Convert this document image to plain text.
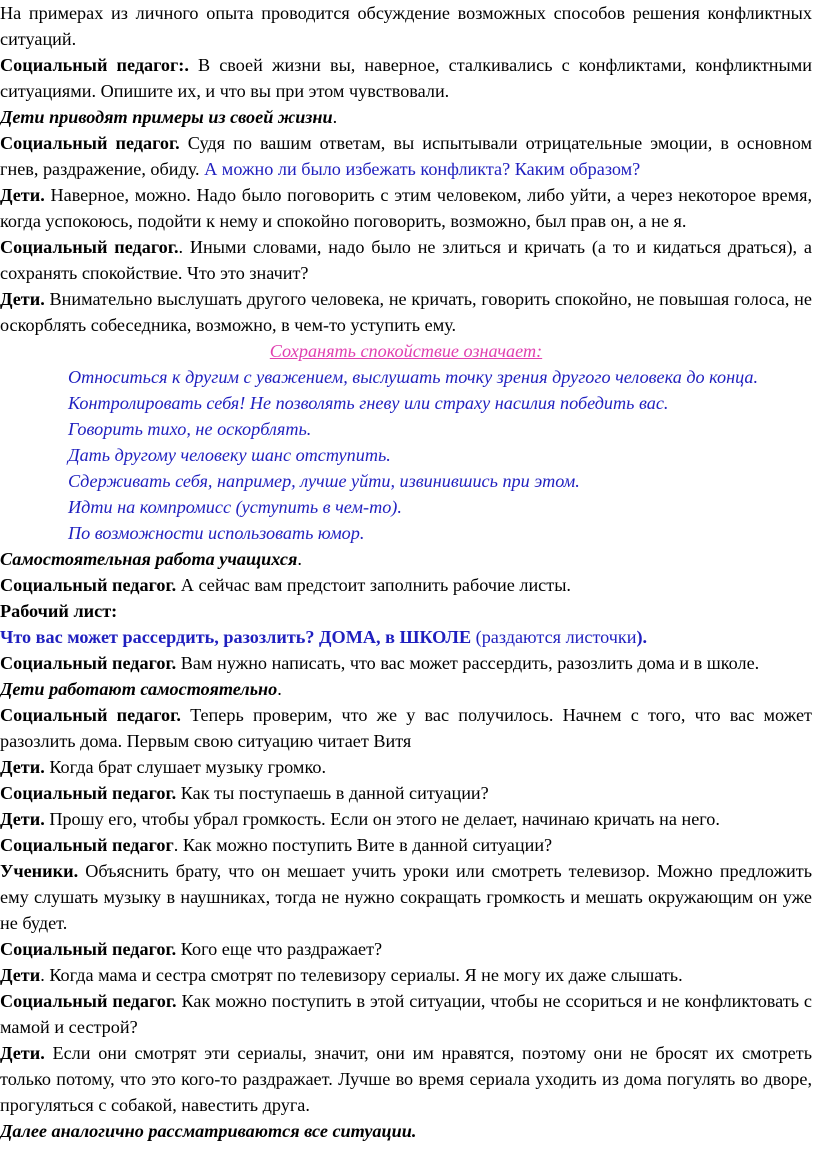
На примерах из личного опыта проводится обсуждение возможных способов решения конфликтных ситуаций.

Социальный педагог:. В своей жизни вы, наверное, сталкивались с конфликтами, конфликтными ситуациями. Опишите их, и что вы при этом чувствовали.

Дети приводят примеры из своей жизни.

Социальный педагог. Судя по вашим ответам, вы испытывали отрицательные эмоции, в основном гнев, раздражение, обиду. А можно ли было избежать конфликта? Каким образом?

Дети. Наверное, можно. Надо было поговорить с этим человеком, либо уйти, а через некоторое время, когда успокоюсь, подойти к нему и спокойно поговорить, возможно, был прав он, а не я.

Социальный педагог.. Иными словами, надо было не злиться и кричать (а то и кидаться драться), а сохранять спокойствие. Что это значит?

Дети. Внимательно выслушать другого человека, не кричать, говорить спокойно, не повышая голоса, не оскорблять собеседника, возможно, в чем-то уступить ему.

Сохранять спокойствие означает:

Относиться к другим с уважением, выслушать точку зрения другого человека до конца.
Контролировать себя! Не позволять гневу или страху насилия победить вас.
Говорить тихо, не оскорблять.
Дать другому человеку шанс отступить.
Сдерживать себя, например, лучше уйти, извинившись при этом.
Идти на компромисс (уступить в чем-то).
По возможности использовать юмор.

Самостоятельная работа учащихся.

Социальный педагог. А сейчас вам предстоит заполнить рабочие листы.

Рабочий лист:

Что вас может рассердить, разозлить? ДОМА, в ШКОЛЕ (раздаются листочки).

Социальный педагог. Вам нужно написать, что вас может рассердить, разозлить дома и в школе.

Дети работают самостоятельно.

Социальный педагог. Теперь проверим, что же у вас получилось. Начнем с того, что вас может разозлить дома. Первым свою ситуацию читает Витя

Дети. Когда брат слушает музыку громко.

Социальный педагог. Как ты поступаешь в данной ситуации?

Дети. Прошу его, чтобы убрал громкость. Если он этого не делает, начинаю кричать на него.

Социальный педагог. Как можно поступить Вите в данной ситуации?

Ученики. Объяснить брату, что он мешает учить уроки или смотреть телевизор. Можно предложить ему слушать музыку в наушниках, тогда не нужно сокращать громкость и мешать окружающим он уже не будет.

Социальный педагог. Кого еще что раздражает?

Дети. Когда мама и сестра смотрят по телевизору сериалы. Я не могу их даже слышать.

Социальный педагог. Как можно поступить в этой ситуации, чтобы не ссориться и не конфликтовать с мамой и сестрой?

Дети. Если они смотрят эти сериалы, значит, они им нравятся, поэтому они не бросят их смотреть только потому, что это кого-то раздражает. Лучше во время сериала уходить из дома погулять во дворе, прогуляться с собакой, навестить друга.

Далее аналогично рассматриваются все ситуации.
